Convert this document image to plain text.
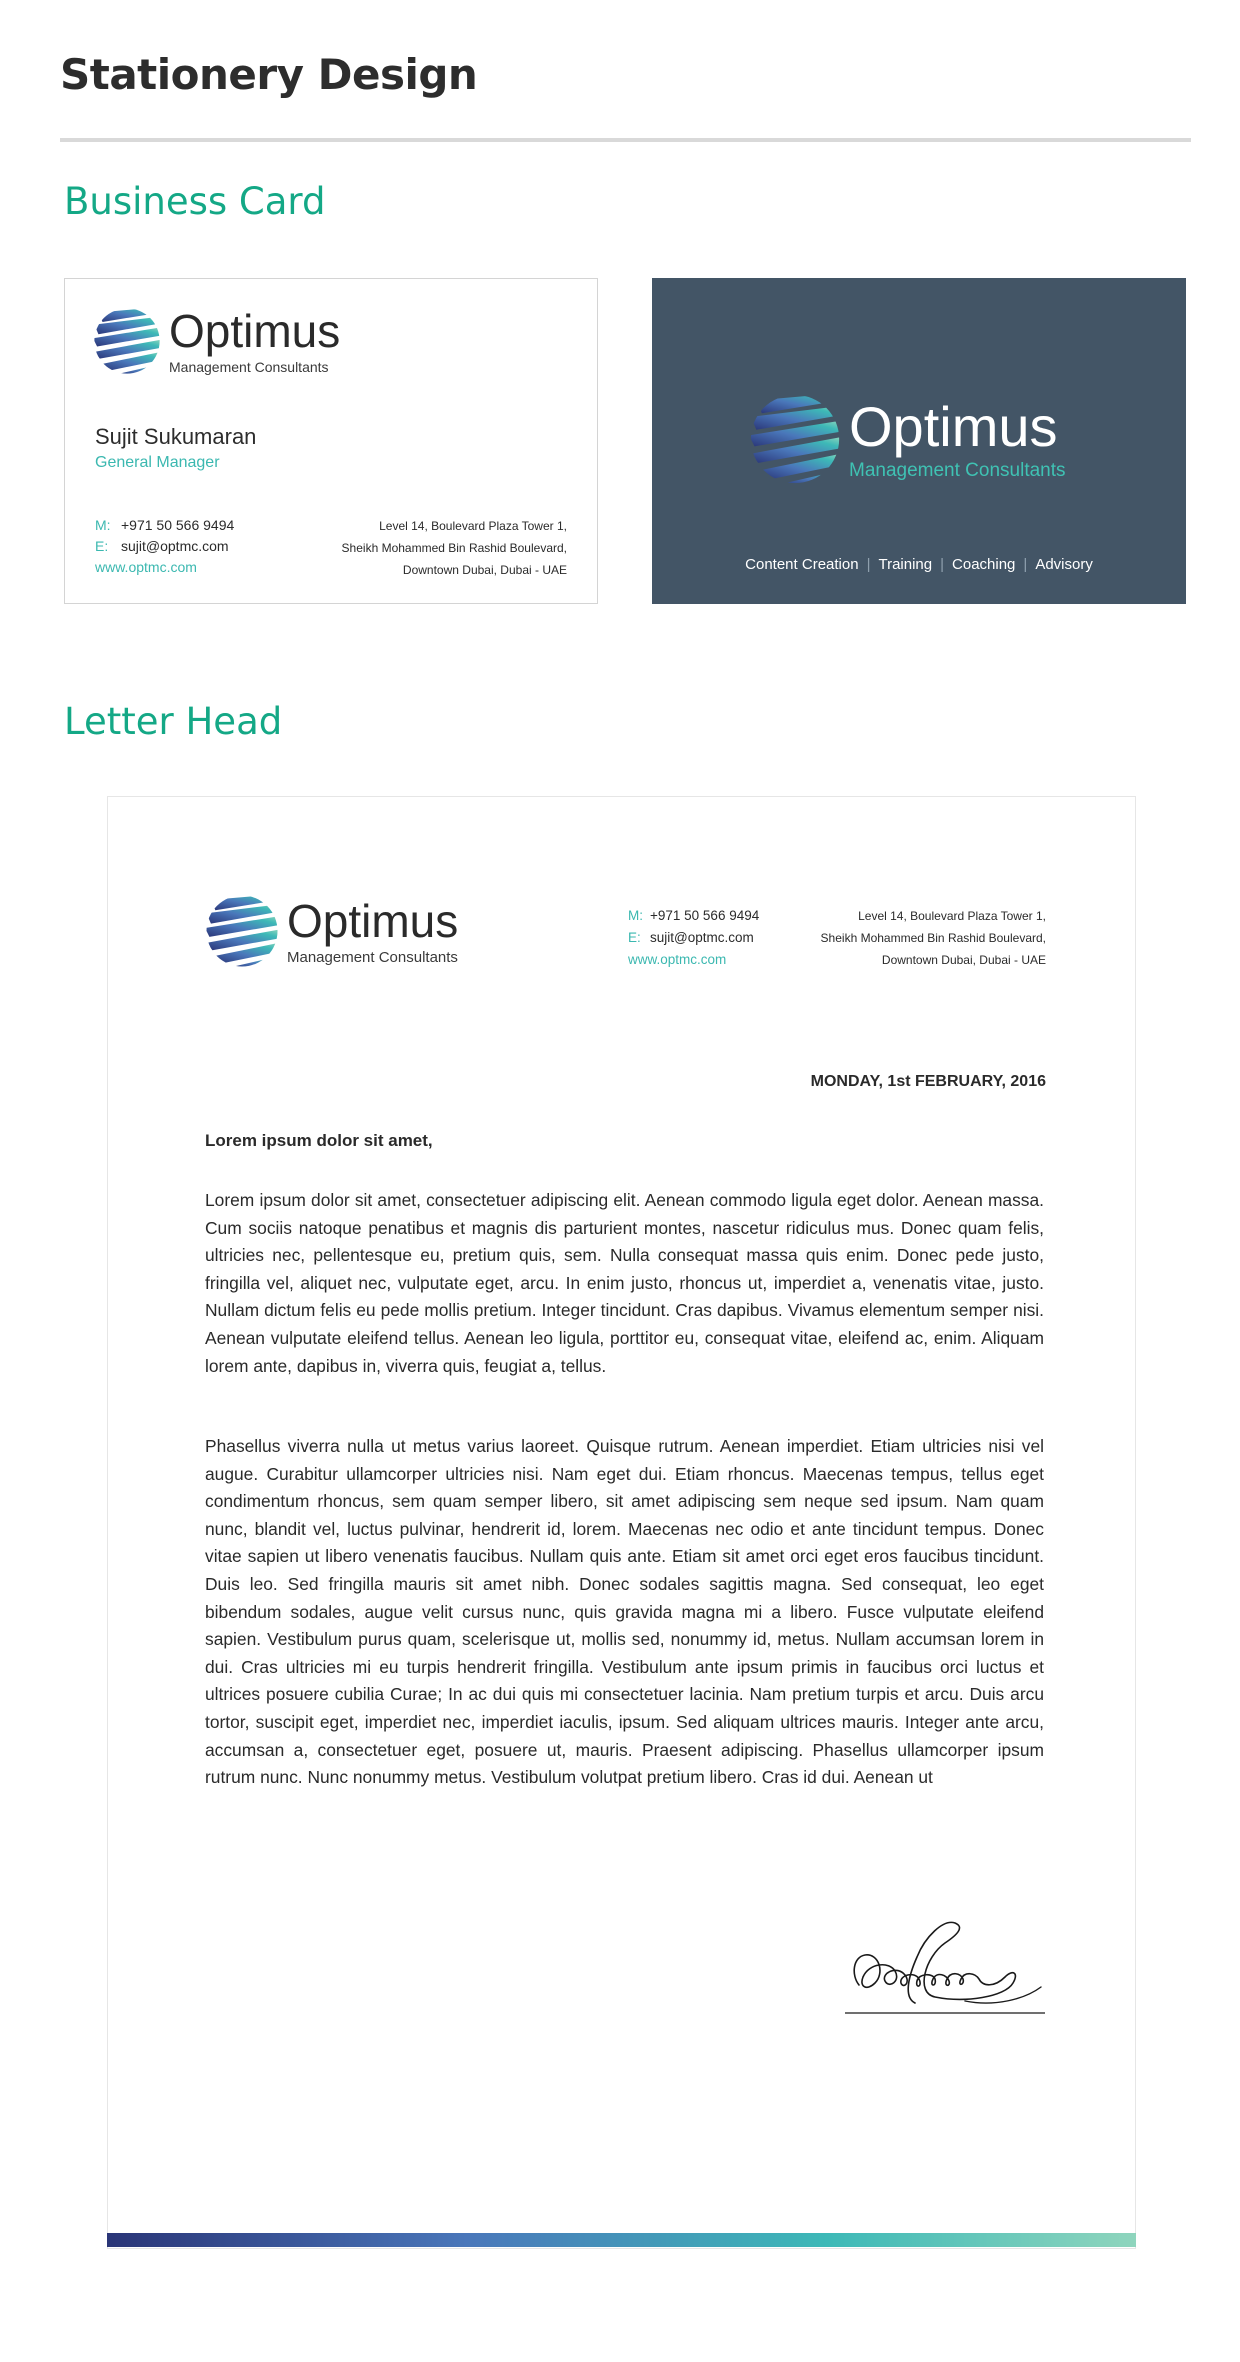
Stationery Design
Business Card
Optimus
Management Consultants
Sujit Sukumaran
General Manager
M: +971 50 566 9494
E: sujit@optmc.com
www.optmc.com
Level 14, Boulevard Plaza Tower 1,
Sheikh Mohammed Bin Rashid Boulevard,
Downtown Dubai, Dubai - UAE
Optimus
Management Consultants
Content Creation | Training | Coaching | Advisory
Letter Head
Optimus
Management Consultants
M: +971 50 566 9494
E: sujit@optmc.com
www.optmc.com
Level 14, Boulevard Plaza Tower 1,
Sheikh Mohammed Bin Rashid Boulevard,
Downtown Dubai, Dubai - UAE
MONDAY, 1st FEBRUARY, 2016
Lorem ipsum dolor sit amet,

Lorem ipsum dolor sit amet, consectetuer adipiscing elit. Aenean commodo ligula eget dolor. Aenean massa. Cum sociis natoque penatibus et magnis dis parturient montes, nascetur ridiculus mus. Donec quam felis, ultricies nec, pellentesque eu, pretium quis, sem. Nulla consequat massa quis enim. Donec pede justo, fringilla vel, aliquet nec, vulputate eget, arcu. In enim justo, rhoncus ut, imperdiet a, venenatis vitae, justo. Nullam dictum felis eu pede mollis pretium. Integer tincidunt. Cras dapibus. Vivamus elementum semper nisi. Aenean vulputate eleifend tellus. Aenean leo ligula, porttitor eu, consequat vitae, eleifend ac, enim. Aliquam lorem ante, dapibus in, viverra quis, feugiat a, tellus.

Phasellus viverra nulla ut metus varius laoreet. Quisque rutrum. Aenean imperdiet. Etiam ultricies nisi vel augue. Curabitur ullamcorper ultricies nisi. Nam eget dui. Etiam rhoncus. Maecenas tempus, tellus eget condimentum rhoncus, sem quam semper libero, sit amet adipiscing sem neque sed ipsum. Nam quam nunc, blandit vel, luctus pulvinar, hendrerit id, lorem. Maecenas nec odio et ante tincidunt tempus. Donec vitae sapien ut libero venenatis faucibus. Nullam quis ante. Etiam sit amet orci eget eros faucibus tincidunt. Duis leo. Sed fringilla mauris sit amet nibh. Donec sodales sagittis magna. Sed consequat, leo eget bibendum sodales, augue velit cursus nunc, quis gravida magna mi a libero. Fusce vulputate eleifend sapien. Vestibulum purus quam, scelerisque ut, mollis sed, nonummy id, metus. Nullam accumsan lorem in dui. Cras ultricies mi eu turpis hendrerit fringilla. Vestibulum ante ipsum primis in faucibus orci luctus et ultrices posuere cubilia Curae; In ac dui quis mi consectetuer lacinia. Nam pretium turpis et arcu. Duis arcu tortor, suscipit eget, imperdiet nec, imperdiet iaculis, ipsum. Sed aliquam ultrices mauris. Integer ante arcu, accumsan a, consectetuer eget, posuere ut, mauris. Praesent adipiscing. Phasellus ullamcorper ipsum rutrum nunc. Nunc nonummy metus. Vestibulum volutpat pretium libero. Cras id dui. Aenean ut
